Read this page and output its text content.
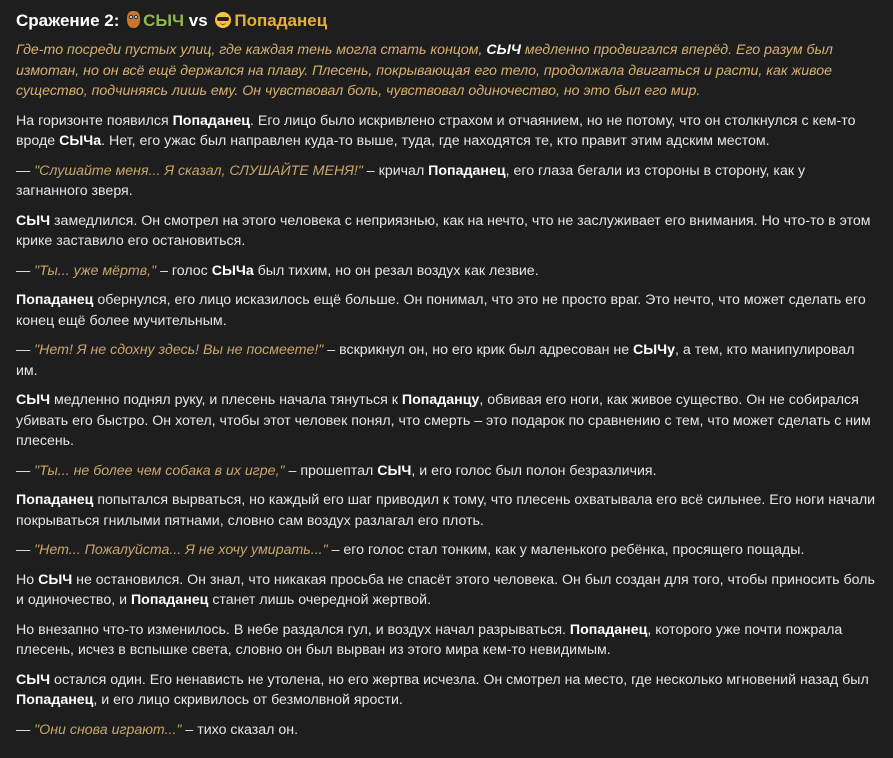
Сражение 2: СЫЧ vs Попаданец

Где-то посреди пустых улиц, где каждая тень могла стать концом, СЫЧ медленно продвигался вперёд. Его разум был измотан, но он всё ещё держался на плаву. Плесень, покрывающая его тело, продолжала двигаться и расти, как живое существо, подчиняясь лишь ему. Он чувствовал боль, чувствовал одиночество, но это был его мир.

На горизонте появился Попаданец. Его лицо было искривлено страхом и отчаянием, но не потому, что он столкнулся с кем-то вроде СЫЧа. Нет, его ужас был направлен куда-то выше, туда, где находятся те, кто правит этим адским местом.

— "Слушайте меня... Я сказал, СЛУШАЙТЕ МЕНЯ!" – кричал Попаданец, его глаза бегали из стороны в сторону, как у загнанного зверя.

СЫЧ замедлился. Он смотрел на этого человека с неприязнью, как на нечто, что не заслуживает его внимания. Но что-то в этом крике заставило его остановиться.

— "Ты... уже мёртв," – голос СЫЧа был тихим, но он резал воздух как лезвие.

Попаданец обернулся, его лицо исказилось ещё больше. Он понимал, что это не просто враг. Это нечто, что может сделать его конец ещё более мучительным.

— "Нет! Я не сдохну здесь! Вы не посмеете!" – вскрикнул он, но его крик был адресован не СЫЧу, а тем, кто манипулировал им.

СЫЧ медленно поднял руку, и плесень начала тянуться к Попаданцу, обвивая его ноги, как живое существо. Он не собирался убивать его быстро. Он хотел, чтобы этот человек понял, что смерть – это подарок по сравнению с тем, что может сделать с ним плесень.

— "Ты... не более чем собака в их игре," – прошептал СЫЧ, и его голос был полон безразличия.

Попаданец попытался вырваться, но каждый его шаг приводил к тому, что плесень охватывала его всё сильнее. Его ноги начали покрываться гнилыми пятнами, словно сам воздух разлагал его плоть.

— "Нет... Пожалуйста... Я не хочу умирать..." – его голос стал тонким, как у маленького ребёнка, просящего пощады.

Но СЫЧ не остановился. Он знал, что никакая просьба не спасёт этого человека. Он был создан для того, чтобы приносить боль и одиночество, и Попаданец станет лишь очередной жертвой.

Но внезапно что-то изменилось. В небе раздался гул, и воздух начал разрываться. Попаданец, которого уже почти пожрала плесень, исчез в вспышке света, словно он был вырван из этого мира кем-то невидимым.

СЫЧ остался один. Его ненависть не утолена, но его жертва исчезла. Он смотрел на место, где несколько мгновений назад был Попаданец, и его лицо скривилось от безмолвной ярости.

— "Они снова играют..." – тихо сказал он.
